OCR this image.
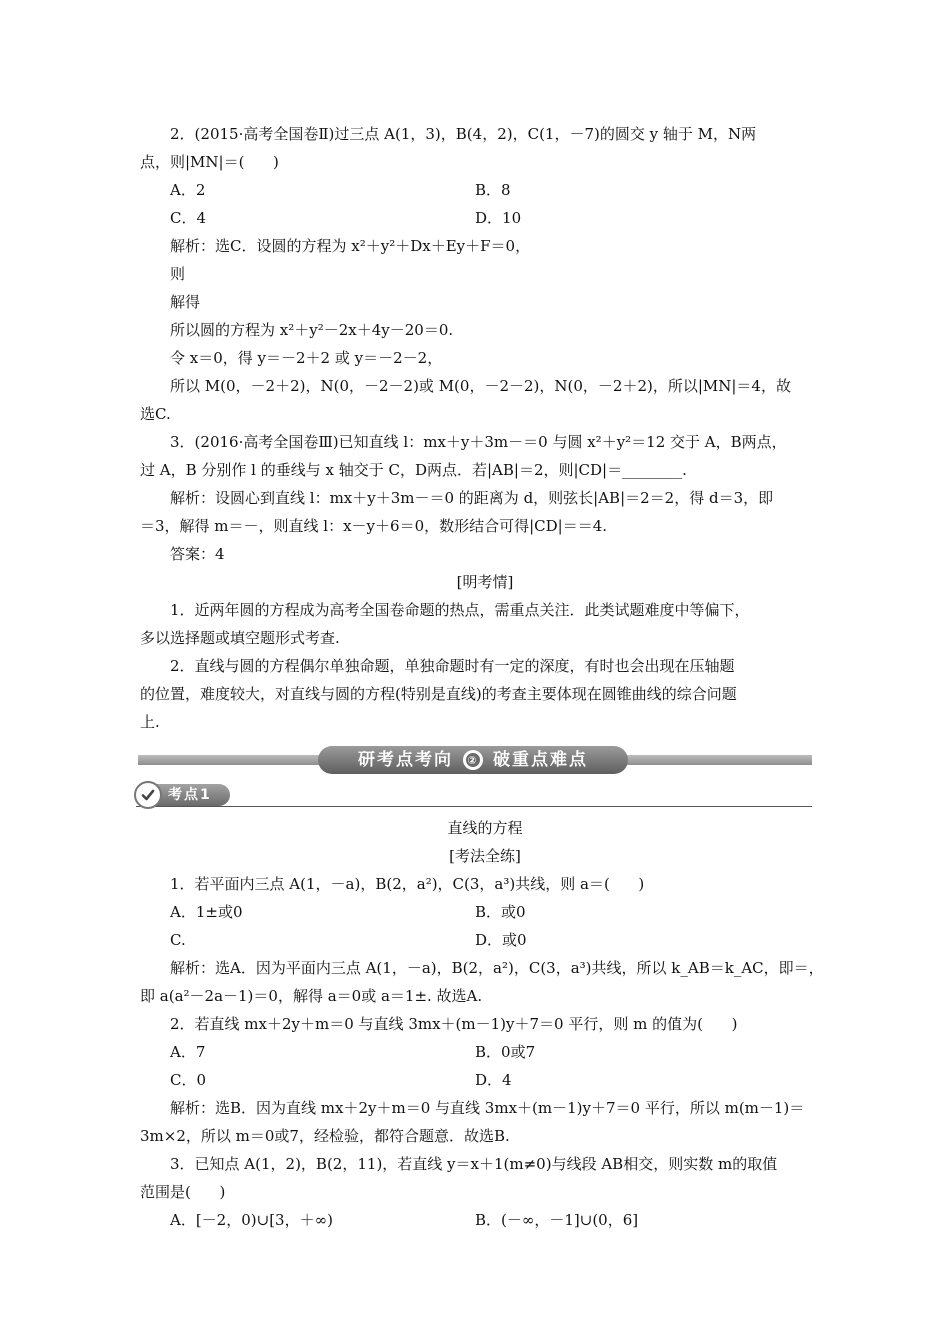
2．(2015·高考全国卷Ⅱ)过三点 A(1，3)，B(4，2)，C(1，－7)的圆交 y 轴于 M，N两

点，则|MN|＝(      )

A．2	B．8
C．4	D．10

解析：选C．设圆的方程为 x²＋y²＋Dx＋Ey＋F＝0，

则

解得

所以圆的方程为 x²＋y²－2x＋4y－20＝0.

令 x＝0，得 y＝－2＋2 或 y＝－2－2，

所以 M(0，－2＋2)，N(0，－2－2)或 M(0，－2－2)，N(0，－2＋2)，所以|MN|＝4，故

选C.

3．(2016·高考全国卷Ⅲ)已知直线 l：mx＋y＋3m－＝0 与圆 x²＋y²＝12 交于 A，B两点，

过 A，B 分别作 l 的垂线与 x 轴交于 C，D两点．若|AB|＝2，则|CD|＝________.

解析：设圆心到直线 l：mx＋y＋3m－＝0 的距离为 d，则弦长|AB|＝2＝2，得 d＝3，即

＝3，解得 m＝－，则直线 l：x－y＋6＝0，数形结合可得|CD|＝＝4.

答案：4

[明考情]

1．近两年圆的方程成为高考全国卷命题的热点，需重点关注．此类试题难度中等偏下，

多以选择题或填空题形式考查.

2．直线与圆的方程偶尔单独命题，单独命题时有一定的深度，有时也会出现在压轴题

的位置，难度较大，对直线与圆的方程(特别是直线)的考查主要体现在圆锥曲线的综合问题

上.

研考点考向 ② 破重点难点
考点1

直线的方程

[考法全练]

1．若平面内三点 A(1，－a)，B(2，a²)，C(3，a³)共线，则 a＝(      )

A．1±或0	B．或0
C.	D．或0

解析：选A．因为平面内三点 A(1，－a)，B(2，a²)，C(3，a³)共线，所以 k_AB＝k_AC，即＝，

即 a(a²－2a－1)＝0，解得 a＝0或 a＝1±. 故选A.

2．若直线 mx＋2y＋m＝0 与直线 3mx＋(m－1)y＋7＝0 平行，则 m 的值为(      )

A．7	B．0或7
C．0	D．4

解析：选B．因为直线 mx＋2y＋m＝0 与直线 3mx＋(m－1)y＋7＝0 平行，所以 m(m－1)＝

3m×2，所以 m＝0或7，经检验，都符合题意．故选B.

3．已知点 A(1，2)，B(2，11)，若直线 y＝x＋1(m≠0)与线段 AB相交，则实数 m的取值

范围是(      )

A．[－2，0)∪[3，＋∞)	B．(－∞，－1]∪(0，6]
